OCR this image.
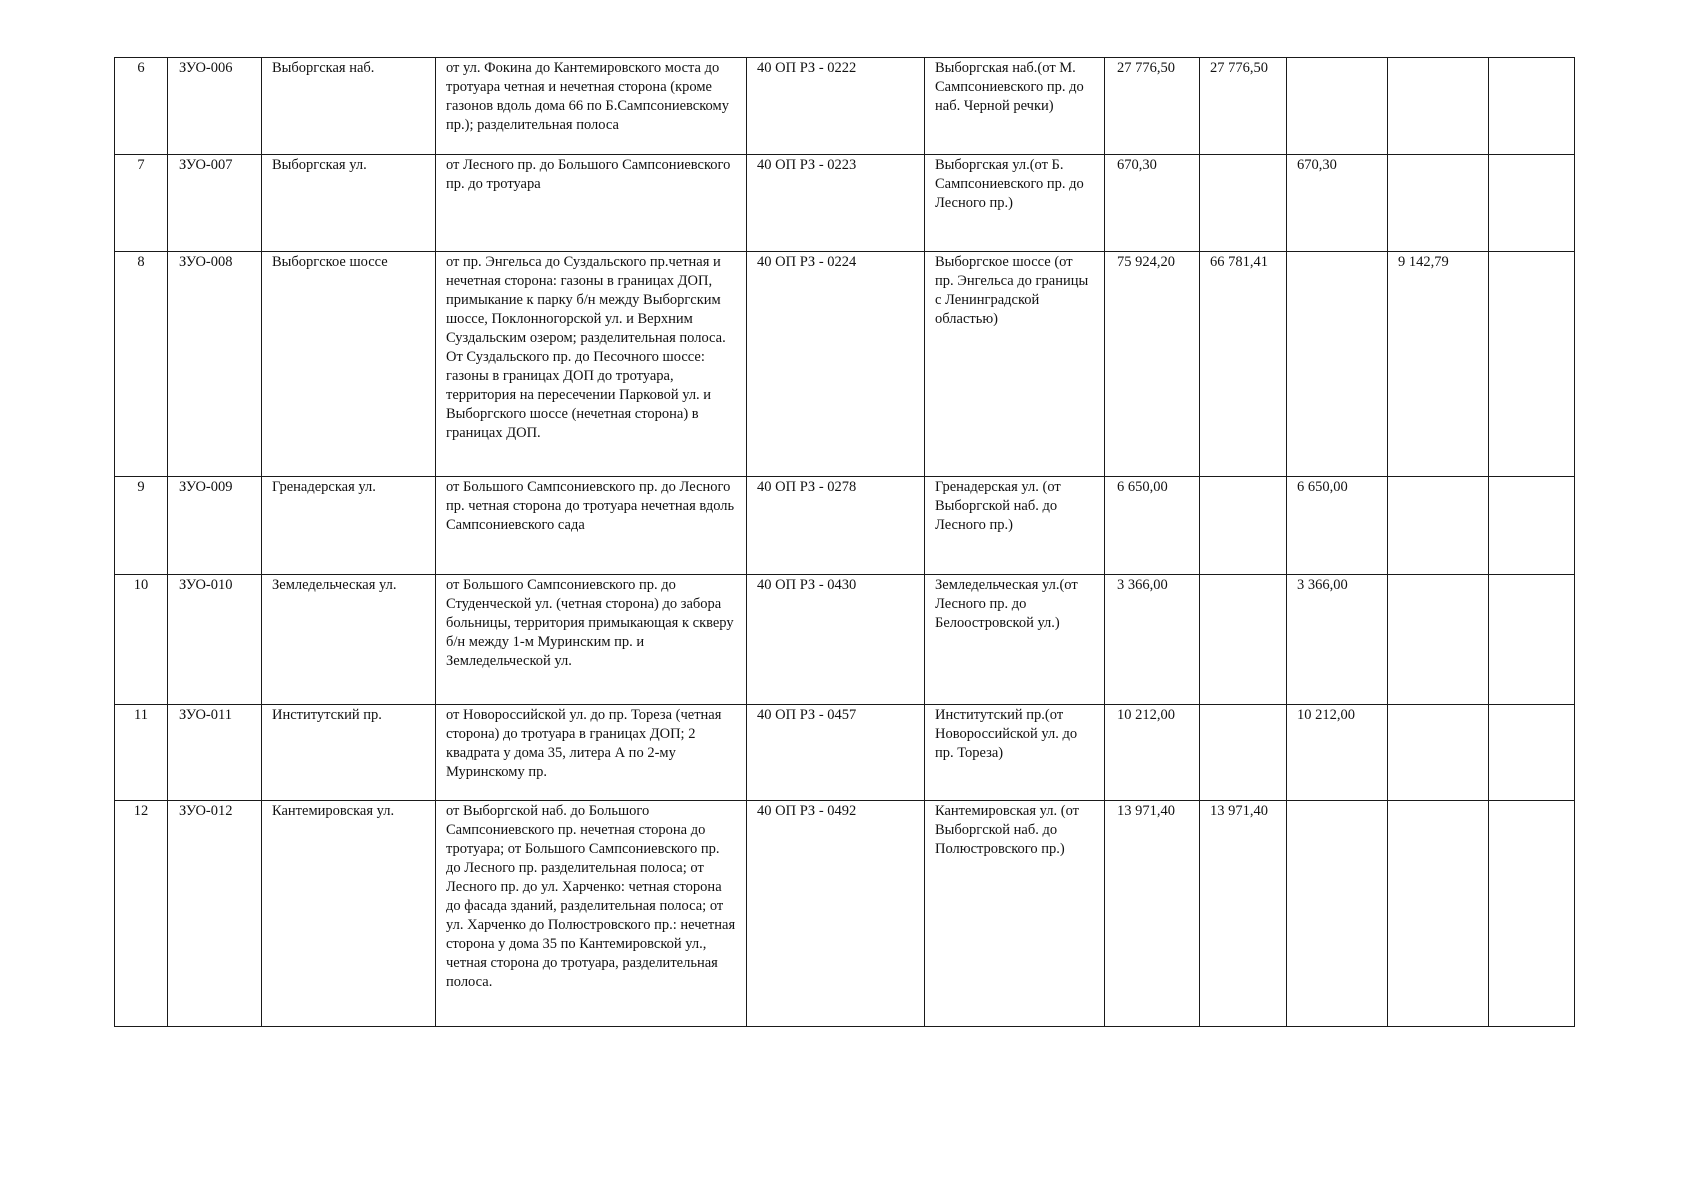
6	ЗУО-006	Выборгская наб.	от ул. Фокина до Кантемировского моста до тротуара четная и нечетная сторона (кроме газонов вдоль дома 66 по Б.Сампсониевскому пр.); разделительная полоса	40 ОП РЗ - 0222	Выборгская наб.(от М. Сампсониевского пр. до наб. Черной речки)	27 776,50	27 776,50			
7	ЗУО-007	Выборгская ул.	от Лесного пр. до Большого Сампсониевского пр. до тротуара	40 ОП РЗ - 0223	Выборгская ул.(от Б. Сампсониевского пр. до Лесного пр.)	670,30		670,30		
8	ЗУО-008	Выборгское шоссе	от пр. Энгельса до Суздальского пр.четная и нечетная сторона: газоны в границах ДОП, примыкание к парку б/н между Выборгским шоссе, Поклонногорской ул. и Верхним Суздальским озером; разделительная полоса. От Суздальского пр. до Песочного шоссе: газоны в границах ДОП до тротуара, территория на пересечении Парковой ул. и Выборгского шоссе (нечетная сторона) в границах ДОП.	40 ОП РЗ - 0224	Выборгское шоссе (от пр. Энгельса до границы с Ленинградской областью)	75 924,20	66 781,41		9 142,79	
9	ЗУО-009	Гренадерская ул.	от Большого Сампсониевского пр. до Лесного пр. четная сторона до тротуара нечетная вдоль Сампсониевского сада	40 ОП РЗ - 0278	Гренадерская ул. (от Выборгской наб. до Лесного пр.)	6 650,00		6 650,00		
10	ЗУО-010	Земледельческая ул.	от Большого Сампсониевского пр. до Студенческой ул. (четная сторона) до забора больницы, территория примыкающая к скверу б/н между 1-м Муринским пр. и Земледельческой ул.	40 ОП РЗ - 0430	Земледельческая ул.(от Лесного пр. до Белоостровской ул.)	3 366,00		3 366,00		
11	ЗУО-011	Институтский пр.	от Новороссийской ул. до пр. Тореза (четная сторона) до тротуара в границах ДОП; 2 квадрата у дома 35, литера А по 2-му Муринскому пр.	40 ОП РЗ - 0457	Институтский пр.(от Новороссийской ул. до пр. Тореза)	10 212,00		10 212,00		
12	ЗУО-012	Кантемировская ул.	от Выборгской наб. до Большого Сампсониевского пр. нечетная сторона до тротуара; от Большого Сампсониевского пр. до Лесного пр. разделительная полоса; от Лесного пр. до ул. Харченко: четная сторона до фасада зданий, разделительная полоса; от ул. Харченко до Полюстровского пр.: нечетная сторона у дома 35 по Кантемировской ул., четная сторона до тротуара, разделительная полоса.	40 ОП РЗ - 0492	Кантемировская ул. (от Выборгской наб. до Полюстровского пр.)	13 971,40	13 971,40			
